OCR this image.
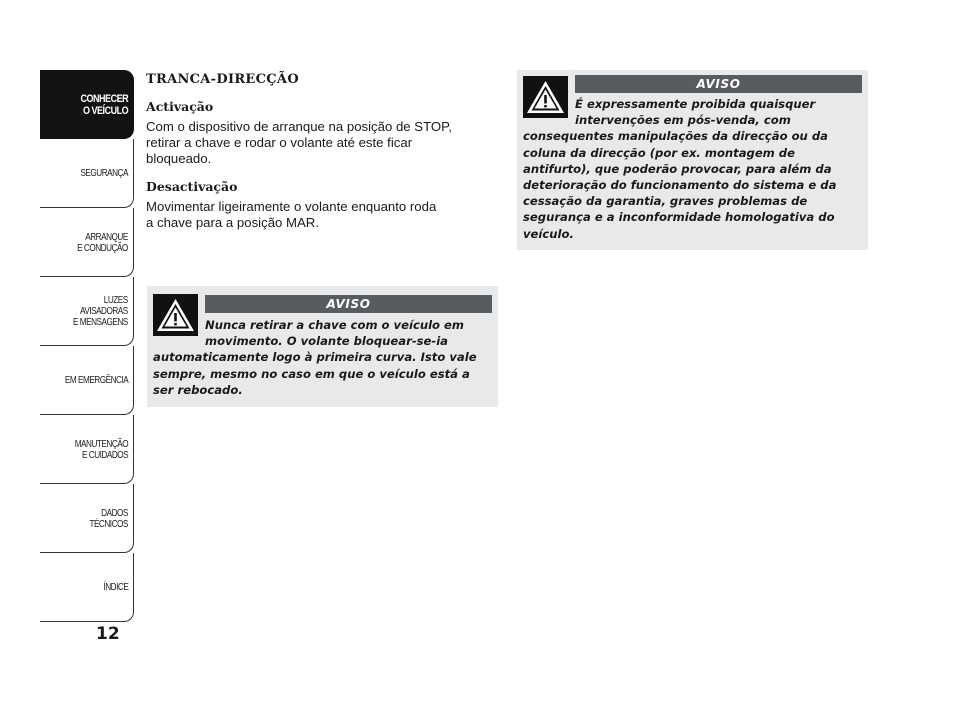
CONHECER
O VEÍCULO
SEGURANÇA
ARRANQUE
E CONDUÇÃO
LUZES
AVISADORAS
E MENSAGENS
EM EMERGÊNCIA
MANUTENÇÃO
E CUIDADOS
DADOS
TÉCNICOS
ÍNDICE
12
TRANCA-DIRECÇÃO
Activação

Com o dispositivo de arranque na posição de STOP,
retirar a chave e rodar o volante até este ficar
bloqueado.

Desactivação

Movimentar ligeiramente o volante enquanto roda
a chave para a posição MAR.

AVISO
Nunca retirar a chave com o veículo em movimento. O volante bloquear-se-ia automaticamente logo à primeira curva. Isto vale sempre, mesmo no caso em que o veículo está a ser rebocado.
AVISO
É expressamente proibida quaisquer intervenções em pós-venda, com consequentes manipulações da direcção ou da coluna da direcção (por ex. montagem de antifurto), que poderão provocar, para além da deterioração do funcionamento do sistema e da cessação da garantia, graves problemas de segurança e a inconformidade homologativa do veículo.
